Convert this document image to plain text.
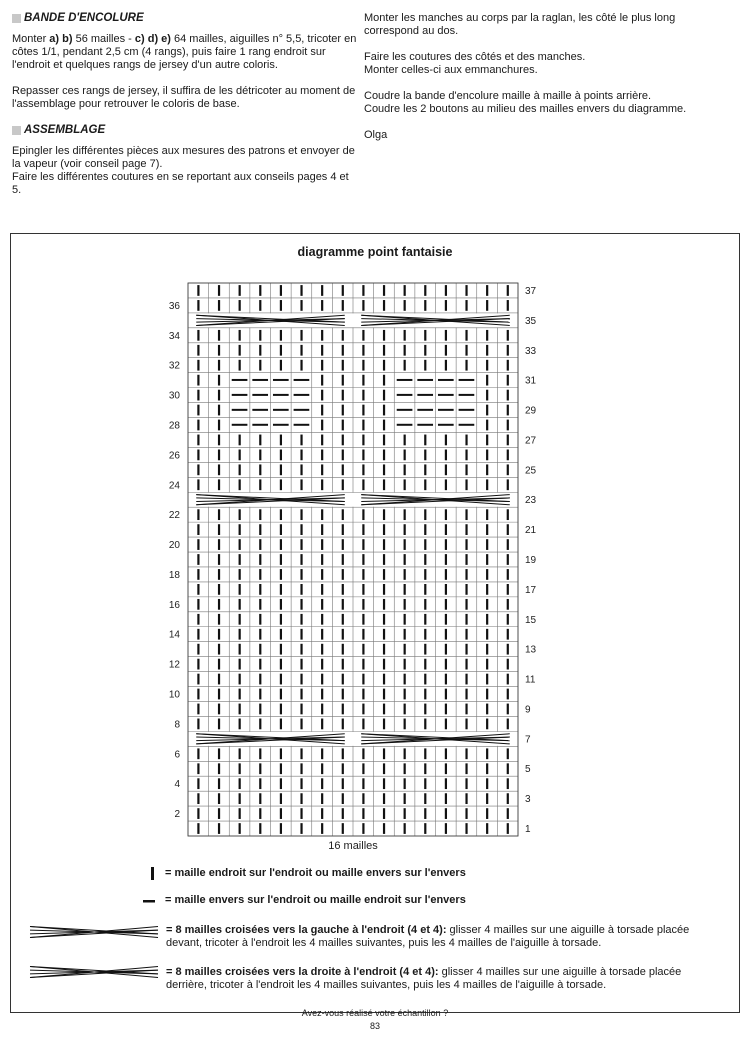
BANDE D'ENCOLURE

Monter a) b) 56 mailles - c) d) e) 64 mailles, aiguilles n° 5,5, tricoter en côtes 1/1, pendant 2,5 cm (4 rangs), puis faire 1 rang endroit sur l'endroit et quelques rangs de jersey d'un autre coloris.

Repasser ces rangs de jersey, il suffira de les détricoter au moment de l'assemblage pour retrouver le coloris de base.

ASSEMBLAGE

Epingler les différentes pièces aux mesures des patrons et envoyer de la vapeur (voir conseil page 7).

Faire les différentes coutures en se reportant aux conseils pages 4 et 5.

Monter les manches au corps par la raglan, les côté le plus long correspond au dos.

Faire les coutures des côtés et des manches.
Monter celles-ci aux emmanchures.

Coudre la bande d'encolure maille à maille à points arrière.
Coudre les 2 boutons au milieu des mailles envers du diagramme.

Olga

diagramme point fantaisie
2
4
6
8
10
12
14
16
18
20
22
24
26
28
30
32
34
36
1
3
5
7
9
11
13
15
17
19
21
23
25
27
29
31
33
35
37
16 mailles
= maille endroit sur l'endroit ou maille envers sur l'envers
= maille envers sur l'endroit ou maille endroit sur l'envers
= 8 mailles croisées vers la gauche à l'endroit (4 et 4): glisser 4 mailles sur une aiguille à torsade placée devant, tricoter à l'endroit les 4 mailles suivantes, puis les 4 mailles de l'aiguille à torsade.
= 8 mailles croisées vers la droite à l'endroit (4 et 4): glisser 4 mailles sur une aiguille à torsade placée derrière, tricoter à l'endroit les 4 mailles suivantes, puis les 4 mailles de l'aiguille à torsade.
Avez-vous réalisé votre échantillon ?
83
